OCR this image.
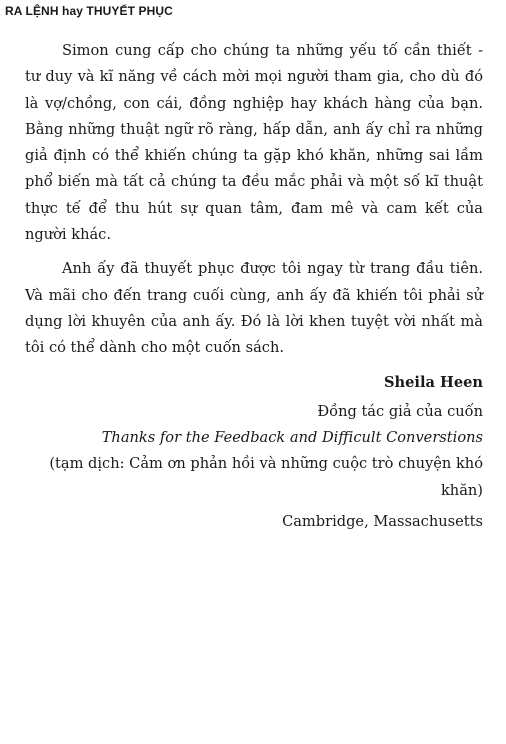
RA LỆNH hay THUYẾT PHỤC

Simon cung cấp cho chúng ta những yếu tố cần thiết - tư duy và kĩ năng về cách mời mọi người tham gia, cho dù đó là vợ/chồng, con cái, đồng nghiệp hay khách hàng của bạn. Bằng những thuật ngữ rõ ràng, hấp dẫn, anh ấy chỉ ra những giả định có thể khiến chúng ta gặp khó khăn, những sai lầm phổ biến mà tất cả chúng ta đều mắc phải và một số kĩ thuật thực tế để thu hút sự quan tâm, đam mê và cam kết của người khác.

Anh ấy đã thuyết phục được tôi ngay từ trang đầu tiên. Và mãi cho đến trang cuối cùng, anh ấy đã khiến tôi phải sử dụng lời khuyên của anh ấy. Đó là lời khen tuyệt vời nhất mà tôi có thể dành cho một cuốn sách.

Sheila Heen
Đồng tác giả của cuốn
Thanks for the Feedback and Difficult Converstions
(tạm dịch: Cảm ơn phản hồi và những cuộc trò chuyện khó khăn)
Cambridge, Massachusetts
